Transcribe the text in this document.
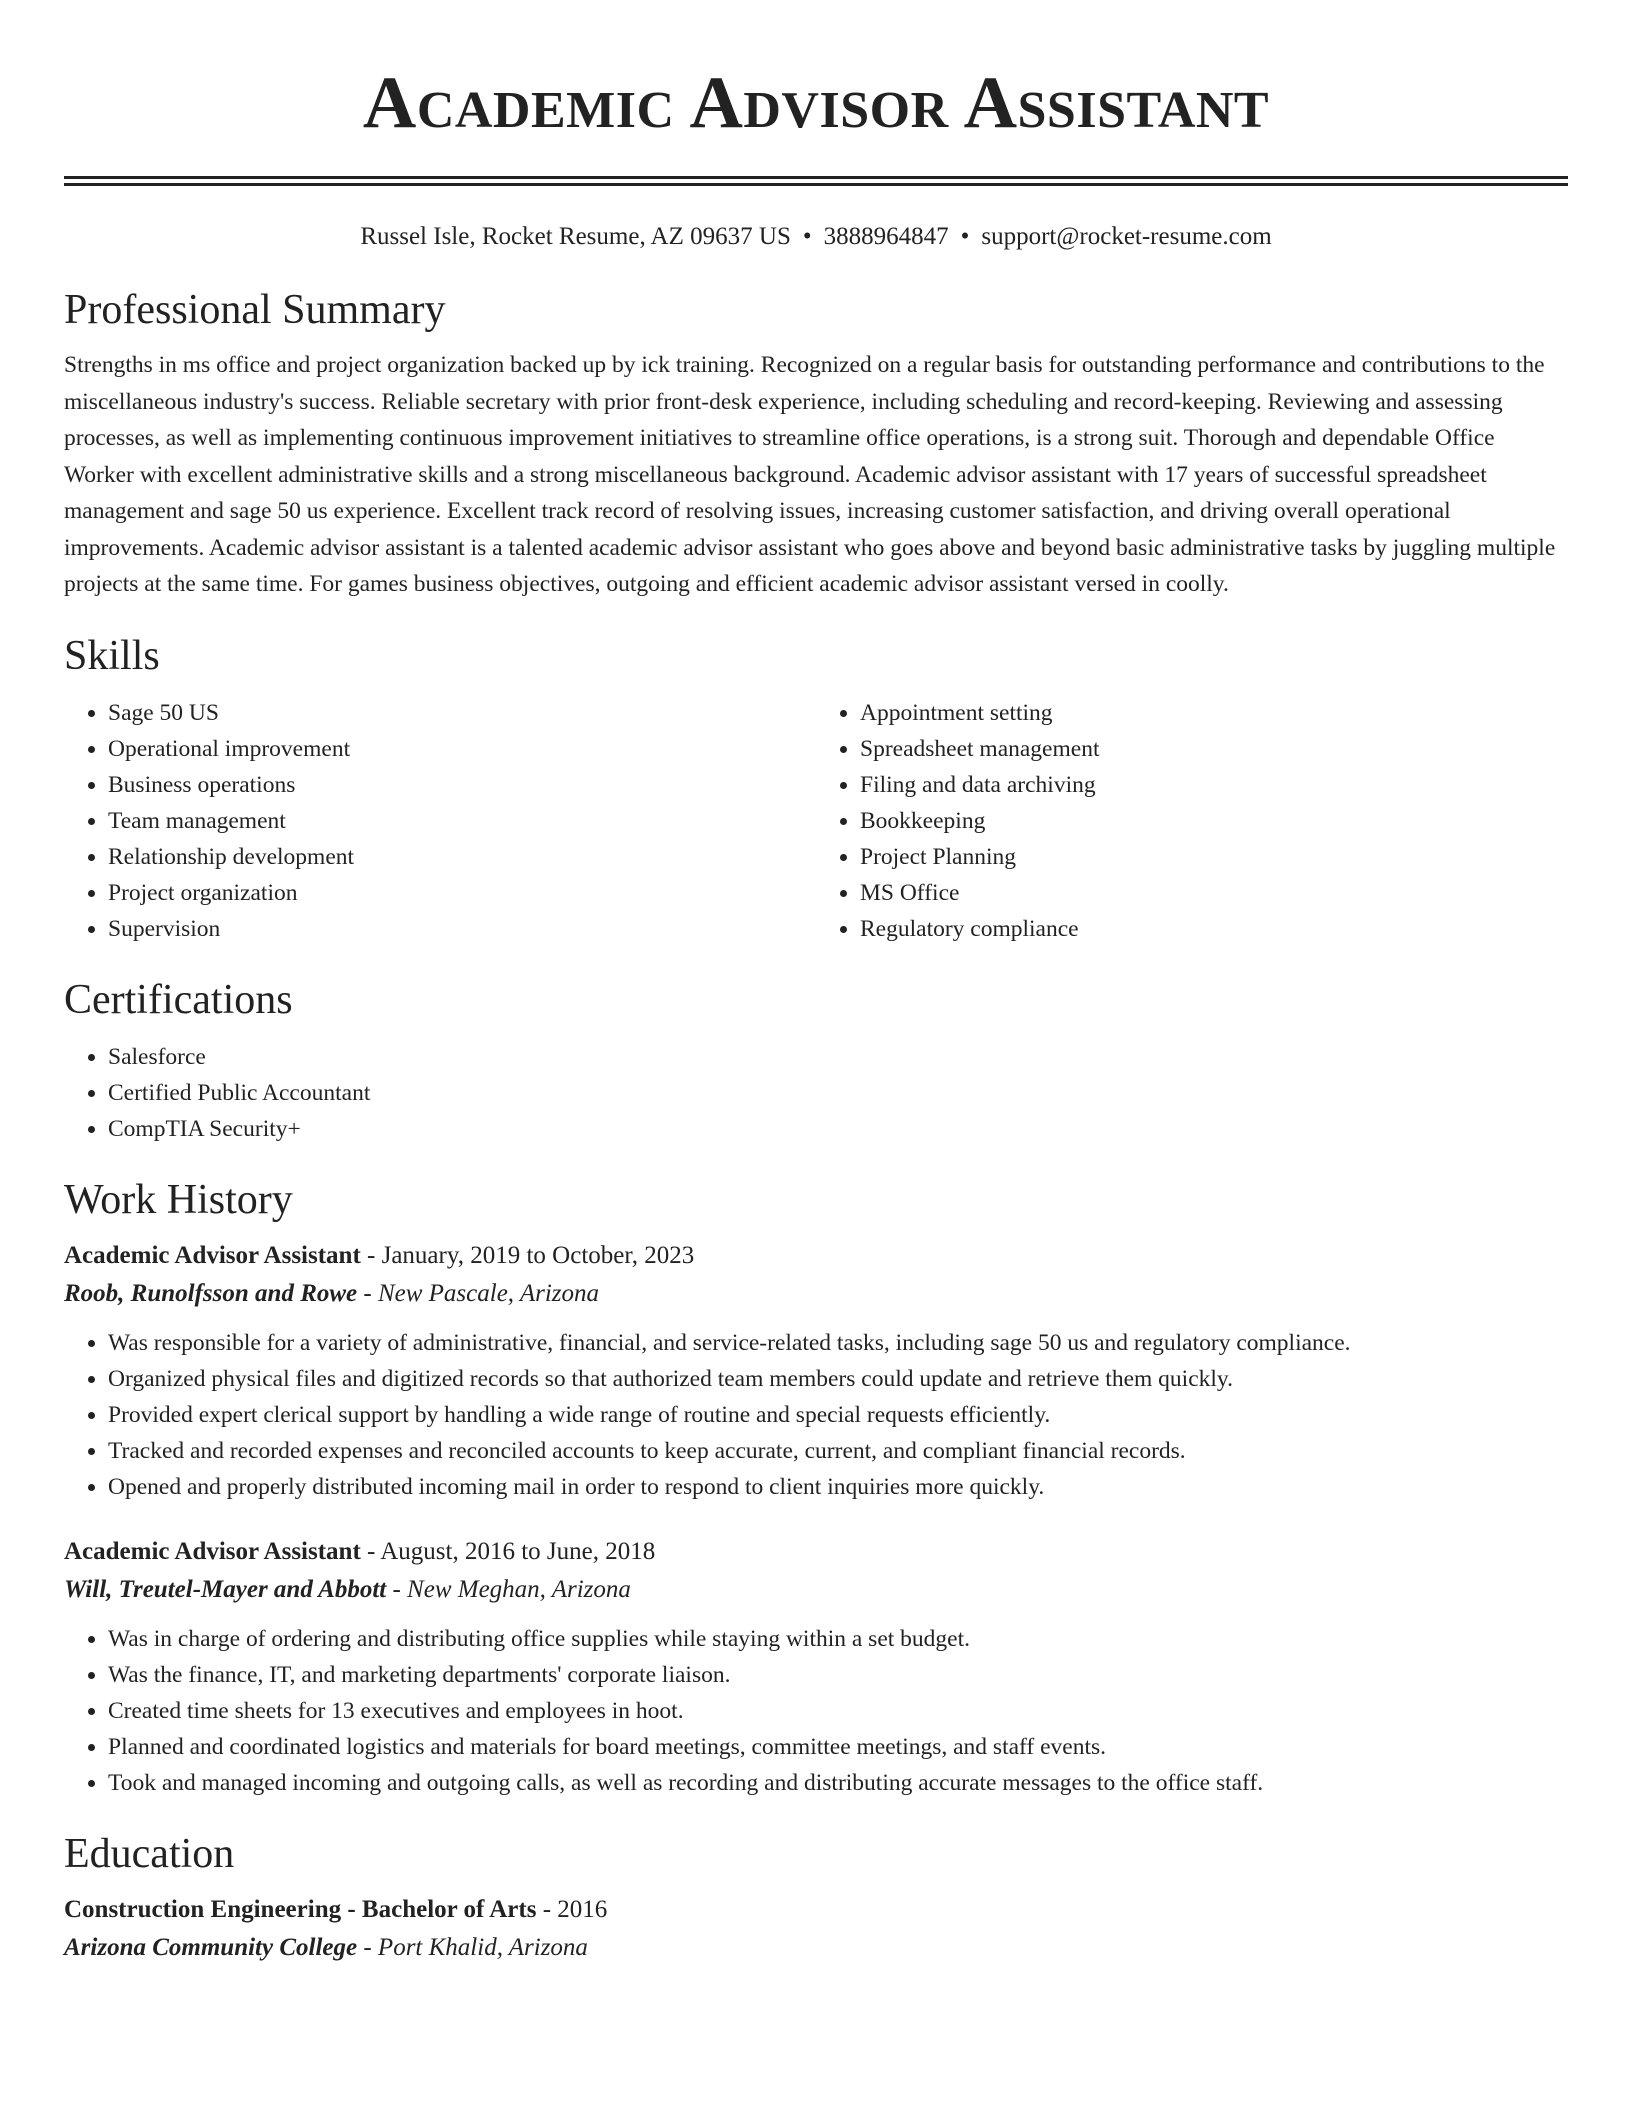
Academic Advisor Assistant
Russel Isle, Rocket Resume, AZ 09637 US • 3888964847 • support@rocket-resume.com
Professional Summary

Strengths in ms office and project organization backed up by ick training. Recognized on a regular basis for outstanding performance and contributions to the miscellaneous industry's success. Reliable secretary with prior front-desk experience, including scheduling and record-keeping. Reviewing and assessing processes, as well as implementing continuous improvement initiatives to streamline office operations, is a strong suit. Thorough and dependable Office Worker with excellent administrative skills and a strong miscellaneous background. Academic advisor assistant with 17 years of successful spreadsheet management and sage 50 us experience. Excellent track record of resolving issues, increasing customer satisfaction, and driving overall operational improvements. Academic advisor assistant is a talented academic advisor assistant who goes above and beyond basic administrative tasks by juggling multiple projects at the same time. For games business objectives, outgoing and efficient academic advisor assistant versed in coolly.

Skills
• Sage 50 US
• Operational improvement
• Business operations
• Team management
• Relationship development
• Project organization
• Supervision
• Appointment setting
• Spreadsheet management
• Filing and data archiving
• Bookkeeping
• Project Planning
• MS Office
• Regulatory compliance
Certifications
• Salesforce
• Certified Public Accountant
• CompTIA Security+
Work History
Academic Advisor Assistant - January, 2019 to October, 2023
Roob, Runolfsson and Rowe - New Pascale, Arizona
• Was responsible for a variety of administrative, financial, and service-related tasks, including sage 50 us and regulatory compliance.
• Organized physical files and digitized records so that authorized team members could update and retrieve them quickly.
• Provided expert clerical support by handling a wide range of routine and special requests efficiently.
• Tracked and recorded expenses and reconciled accounts to keep accurate, current, and compliant financial records.
• Opened and properly distributed incoming mail in order to respond to client inquiries more quickly.
Academic Advisor Assistant - August, 2016 to June, 2018
Will, Treutel-Mayer and Abbott - New Meghan, Arizona
• Was in charge of ordering and distributing office supplies while staying within a set budget.
• Was the finance, IT, and marketing departments' corporate liaison.
• Created time sheets for 13 executives and employees in hoot.
• Planned and coordinated logistics and materials for board meetings, committee meetings, and staff events.
• Took and managed incoming and outgoing calls, as well as recording and distributing accurate messages to the office staff.
Education
Construction Engineering - Bachelor of Arts - 2016
Arizona Community College - Port Khalid, Arizona
